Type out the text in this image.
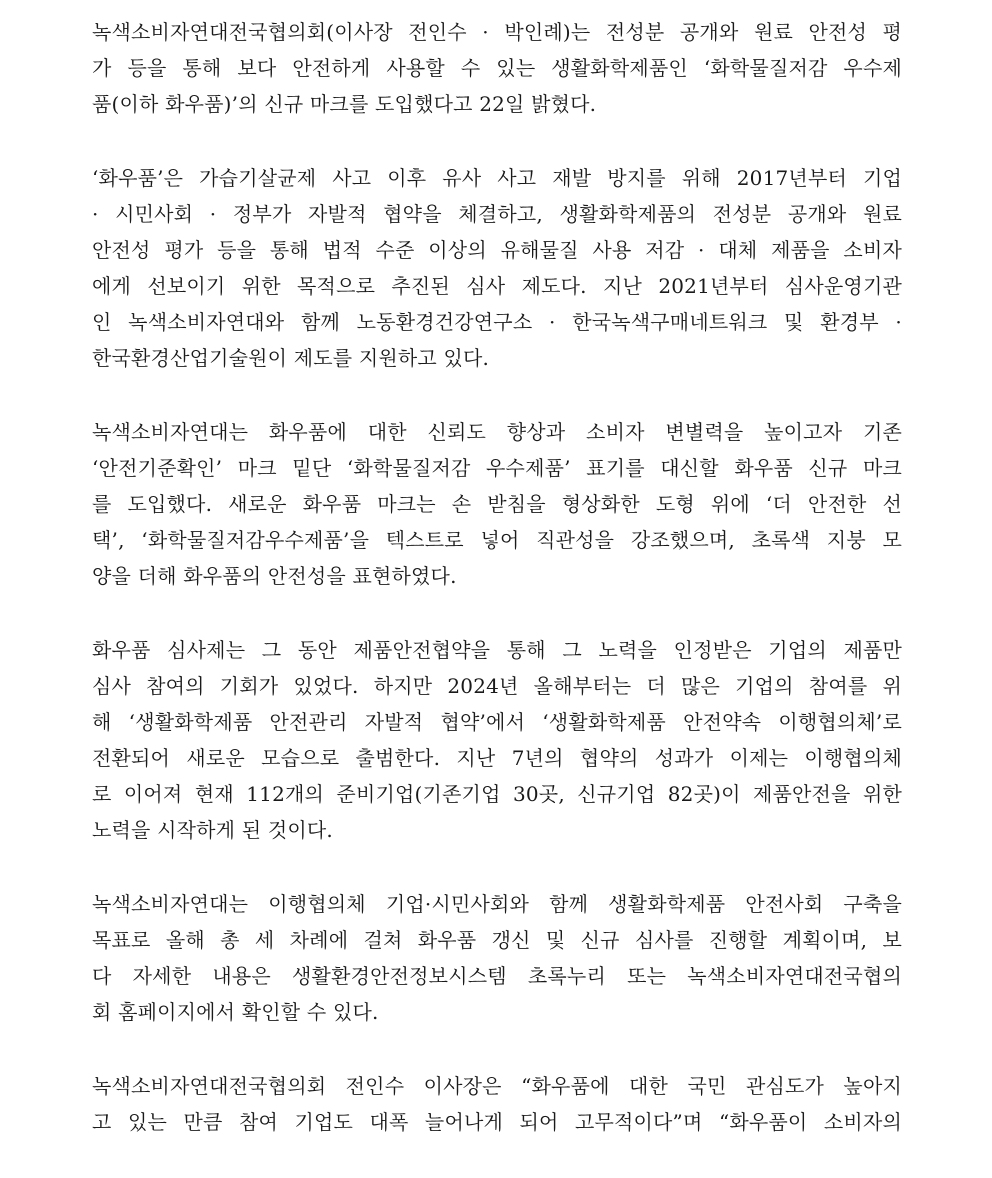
녹색소비자연대전국협의회(이사장 전인수 · 박인례)는 전성분 공개와 원료 안전성 평
가 등을 통해 보다 안전하게 사용할 수 있는 생활화학제품인 ‘화학물질저감 우수제
품(이하 화우품)’의 신규 마크를 도입했다고 22일 밝혔다.
‘화우품’은 가습기살균제 사고 이후 유사 사고 재발 방지를 위해 2017년부터 기업
· 시민사회 · 정부가 자발적 협약을 체결하고, 생활화학제품의 전성분 공개와 원료
안전성 평가 등을 통해 법적 수준 이상의 유해물질 사용 저감 · 대체 제품을 소비자
에게 선보이기 위한 목적으로 추진된 심사 제도다. 지난 2021년부터 심사운영기관
인 녹색소비자연대와 함께 노동환경건강연구소 · 한국녹색구매네트워크 및 환경부 ·
한국환경산업기술원이 제도를 지원하고 있다.
녹색소비자연대는 화우품에 대한 신뢰도 향상과 소비자 변별력을 높이고자 기존
‘안전기준확인’ 마크 밑단 ‘화학물질저감 우수제품’ 표기를 대신할 화우품 신규 마크
를 도입했다. 새로운 화우품 마크는 손 받침을 형상화한 도형 위에 ‘더 안전한 선
택’, ‘화학물질저감우수제품’을 텍스트로 넣어 직관성을 강조했으며, 초록색 지붕 모
양을 더해 화우품의 안전성을 표현하였다.
화우품 심사제는 그 동안 제품안전협약을 통해 그 노력을 인정받은 기업의 제품만
심사 참여의 기회가 있었다. 하지만 2024년 올해부터는 더 많은 기업의 참여를 위
해 ‘생활화학제품 안전관리 자발적 협약’에서 ‘생활화학제품 안전약속 이행협의체’로
전환되어 새로운 모습으로 출범한다. 지난 7년의 협약의 성과가 이제는 이행협의체
로 이어져 현재 112개의 준비기업(기존기업 30곳, 신규기업 82곳)이 제품안전을 위한
노력을 시작하게 된 것이다.
녹색소비자연대는 이행협의체 기업·시민사회와 함께 생활화학제품 안전사회 구축을
목표로 올해 총 세 차례에 걸쳐 화우품 갱신 및 신규 심사를 진행할 계획이며, 보
다 자세한 내용은 생활환경안전정보시스템 초록누리 또는 녹색소비자연대전국협의
회 홈페이지에서 확인할 수 있다.
녹색소비자연대전국협의회 전인수 이사장은 “화우품에 대한 국민 관심도가 높아지
고 있는 만큼 참여 기업도 대폭 늘어나게 되어 고무적이다”며 “화우품이 소비자의
